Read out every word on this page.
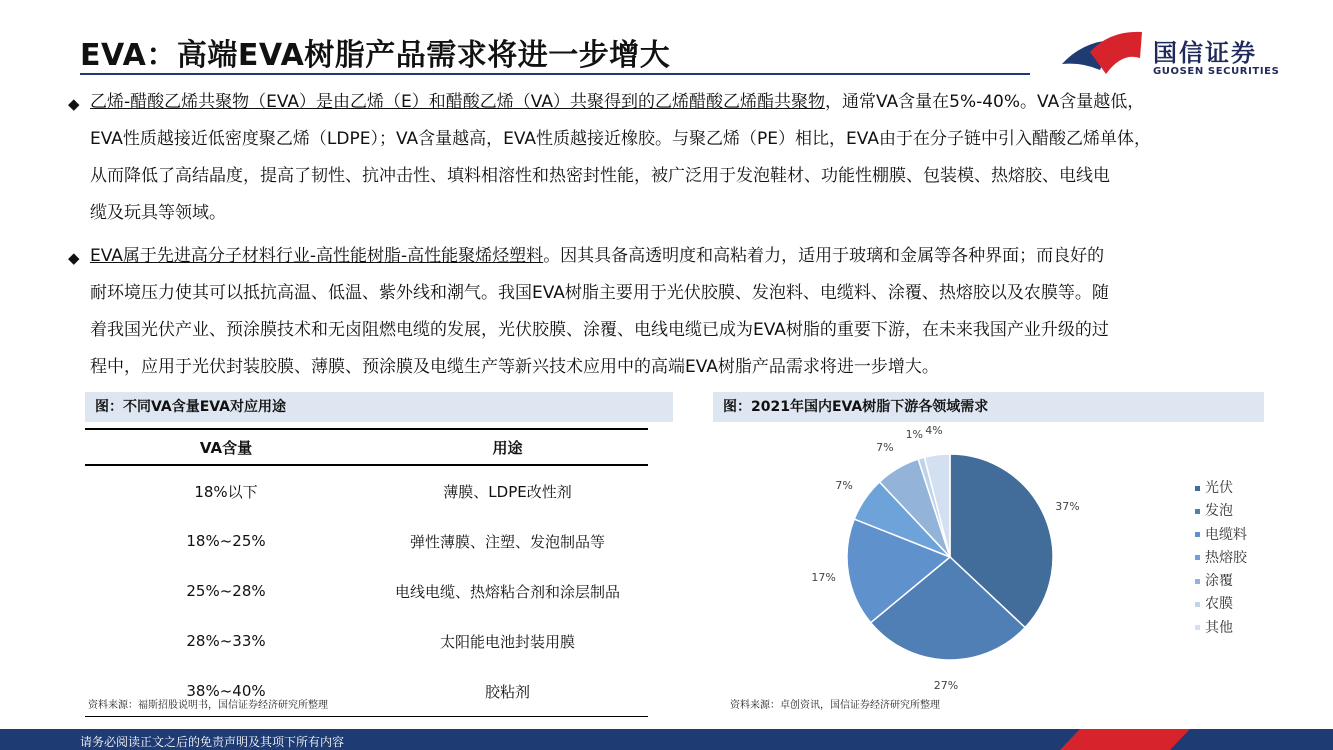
EVA：高端EVA树脂产品需求将进一步增大	国信证券
GUOSEN SECURITIES
◆ 乙烯-醋酸乙烯共聚物（EVA）是由乙烯（E）和醋酸乙烯（VA）共聚得到的乙烯醋酸乙烯酯共聚物，通常VA含量在5%-40%。VA含量越低，
EVA性质越接近低密度聚乙烯（LDPE）；VA含量越高，EVA性质越接近橡胶。与聚乙烯（PE）相比，EVA由于在分子链中引入醋酸乙烯单体，
从而降低了高结晶度，提高了韧性、抗冲击性、填料相溶性和热密封性能，被广泛用于发泡鞋材、功能性棚膜、包装模、热熔胶、电线电
缆及玩具等领域。
◆ EVA属于先进高分子材料行业-高性能树脂-高性能聚烯烃塑料。因其具备高透明度和高粘着力，适用于玻璃和金属等各种界面；而良好的
耐环境压力使其可以抵抗高温、低温、紫外线和潮气。我国EVA树脂主要用于光伏胶膜、发泡料、电缆料、涂覆、热熔胶以及农膜等。随
着我国光伏产业、预涂膜技术和无卤阻燃电缆的发展，光伏胶膜、涂覆、电线电缆已成为EVA树脂的重要下游，在未来我国产业升级的过
程中，应用于光伏封装胶膜、薄膜、预涂膜及电缆生产等新兴技术应用中的高端EVA树脂产品需求将进一步增大。
图：不同VA含量EVA对应用途
VA含量	用途
18%以下	薄膜、LDPE改性剂
18%~25%	弹性薄膜、注塑、发泡制品等
25%~28%	电线电缆、热熔粘合剂和涂层制品
28%~33%	太阳能电池封装用膜
38%~40%	胶粘剂
资料来源：福斯招股说明书，国信证券经济研究所整理
图：2021年国内EVA树脂下游各领域需求
37%
27%
17%
7%
7%
1% 4%
光伏
发泡
电缆料
热熔胶
涂覆
农膜
其他
资料来源：卓创资讯，国信证券经济研究所整理
请务必阅读正文之后的免责声明及其项下所有内容
